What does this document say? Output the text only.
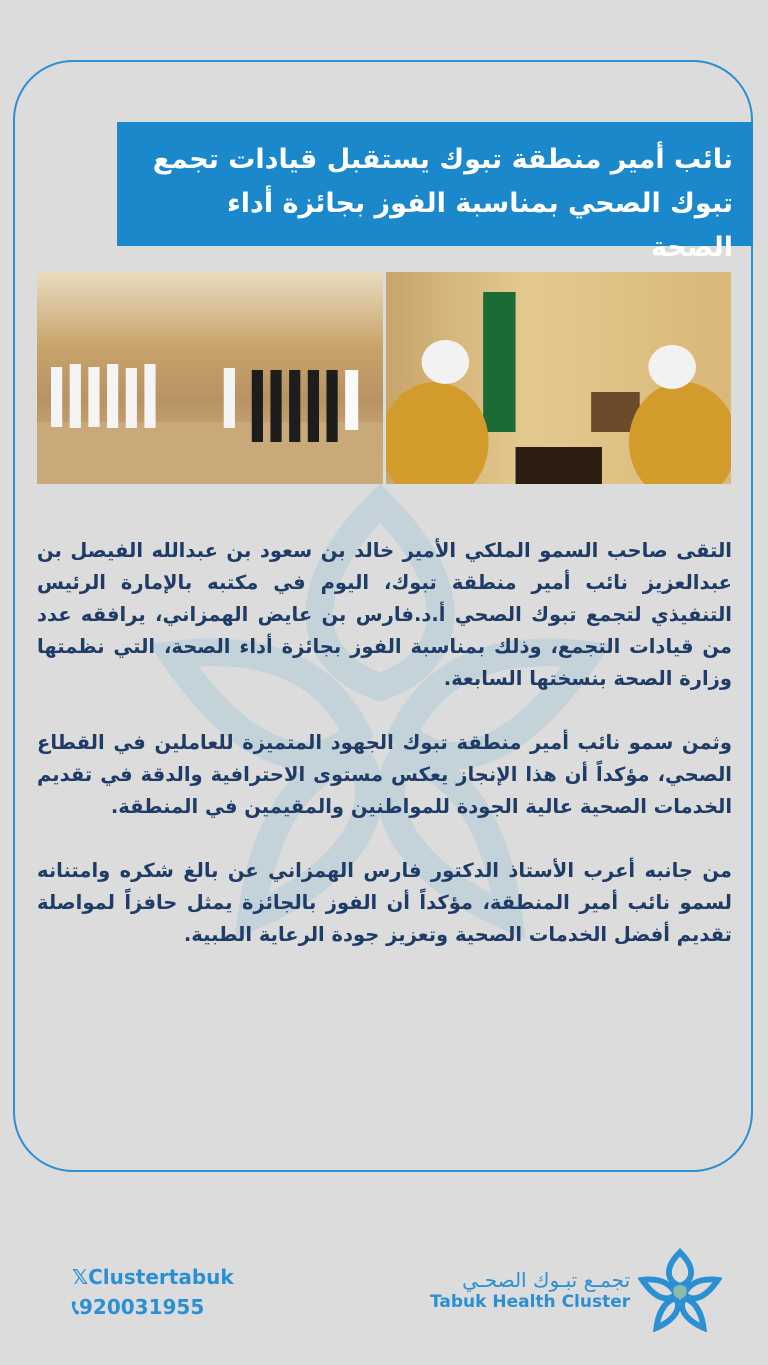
نائب أمير منطقة تبوك يستقبل قيادات تجمع تبوك الصحي بمناسبة الفوز بجائزة أداء الصحة

التقى صاحب السمو الملكي الأمير خالد بن سعود بن عبدالله الفيصل بن عبدالعزيز نائب أمير منطقة تبوك، اليوم في مكتبه بالإمارة الرئيس التنفيذي لتجمع تبوك الصحي أ.د.فارس بن عايض الهمزاني، يرافقه عدد من قيادات التجمع، وذلك بمناسبة الفوز بجائزة أداء الصحة، التي نظمتها وزارة الصحة بنسختها السابعة.

وثمن سمو نائب أمير منطقة تبوك الجهود المتميزة للعاملين في القطاع الصحي، مؤكداً أن هذا الإنجاز يعكس مستوى الاحترافية والدقة في تقديم الخدمات الصحية عالية الجودة للمواطنين والمقيمين في المنطقة.

من جانبه أعرب الأستاذ الدكتور فارس الهمزاني عن بالغ شكره وامتنانه لسمو نائب أمير المنطقة، مؤكداً أن الفوز بالجائزة يمثل حافزاً لمواصلة تقديم أفضل الخدمات الصحية وتعزيز جودة الرعاية الطبية.

𝕏Clustertabuk
📞︎920031955
تجمـع تبـوك الصحـي
Tabuk Health Cluster
